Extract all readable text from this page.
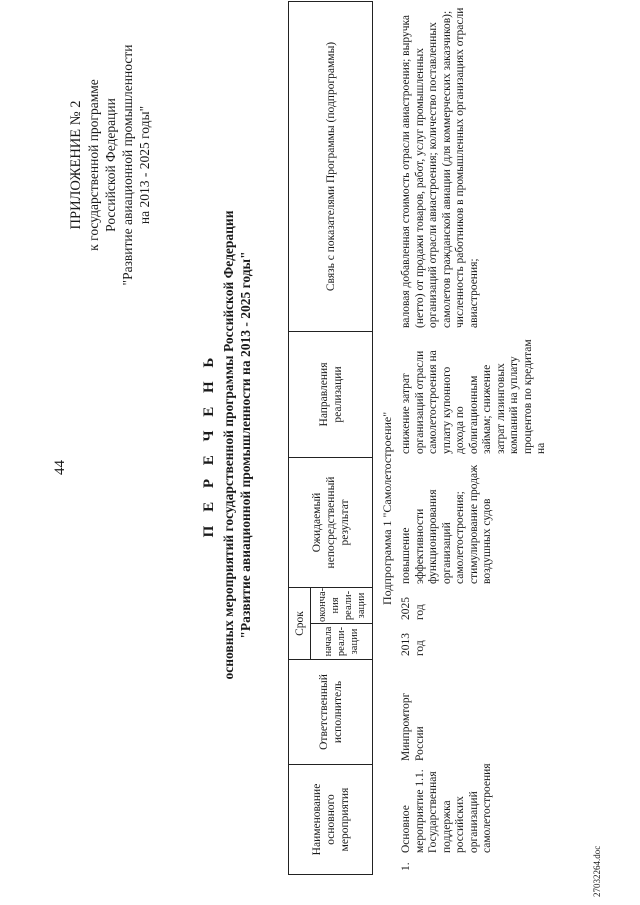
44
ПРИЛОЖЕНИЕ № 2 к государственной программе Российской Федерации "Развитие авиационной промышленности на 2013 - 2025 годы"
П Е Р Е Ч Е Н Ь основных мероприятий государственной программы Российской Федерации "Развитие авиационной промышленности на 2013 - 2025 годы"
Наименование основного мероприятия	Ответственный исполнитель	Срок		Ожидаемый непосредственный результат	Направления реализации	Связь с показателями Программы (подпрограммы)
		начала реали-зации	оконча-ния реали-зации			
Подпрограмма 1 "Самолетостроение"
1.	Основное мероприятие 1.1. Государственная поддержка российских организаций самолетостроения	Минпромторг России	2013 год	2025 год	повышение эффективности функционирования организаций самолетостроения; стимулирование продаж воздушных судов	снижение затрат организаций отрасли самолетостроения на уплату купонного дохода по облигационным займам; снижение затрат лизинговых компаний на уплату процентов по кредитам на	валовая добавленная стоимость отрасли авиастроения; выручка (нетто) от продажи товаров, работ, услуг промышленных организаций отрасли авиастроения; количество поставленных самолетов гражданской авиации (для коммерческих заказчиков); численность работников в промышленных организациях отрасли авиастроения;
27032264.doc
